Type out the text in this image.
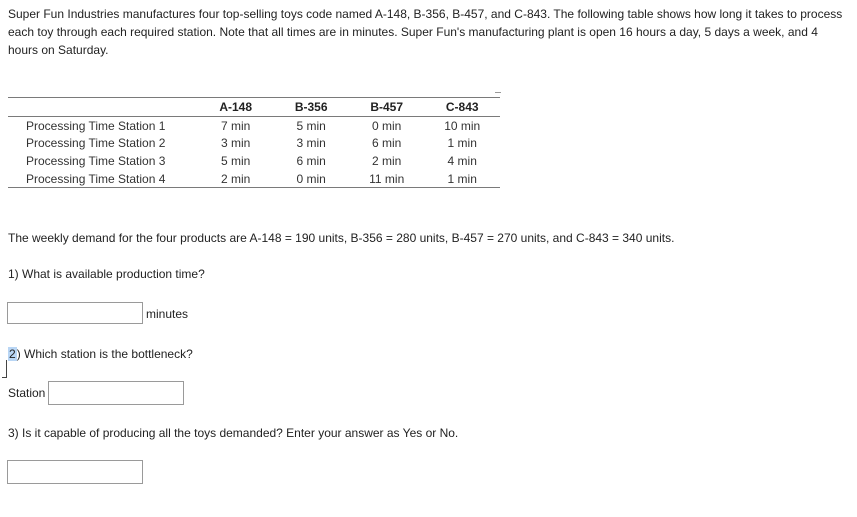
Super Fun Industries manufactures four top-selling toys code named A-148, B-356, B-457, and C-843. The following table shows how long it takes to process each toy through each required station. Note that all times are in minutes. Super Fun's manufacturing plant is open 16 hours a day, 5 days a week, and 4 hours on Saturday.

	A-148	B-356	B-457	C-843
Processing Time Station 1	7 min	5 min	0 min	10 min
Processing Time Station 2	3 min	3 min	6 min	1 min
Processing Time Station 3	5 min	6 min	2 min	4 min
Processing Time Station 4	2 min	0 min	11 min	1 min

The weekly demand for the four products are A-148 = 190 units, B-356 = 280 units, B-457 = 270 units, and C-843 = 340 units.

1) What is available production time?

minutes

2) Which station is the bottleneck?

Station

3) Is it capable of producing all the toys demanded? Enter your answer as Yes or No.
